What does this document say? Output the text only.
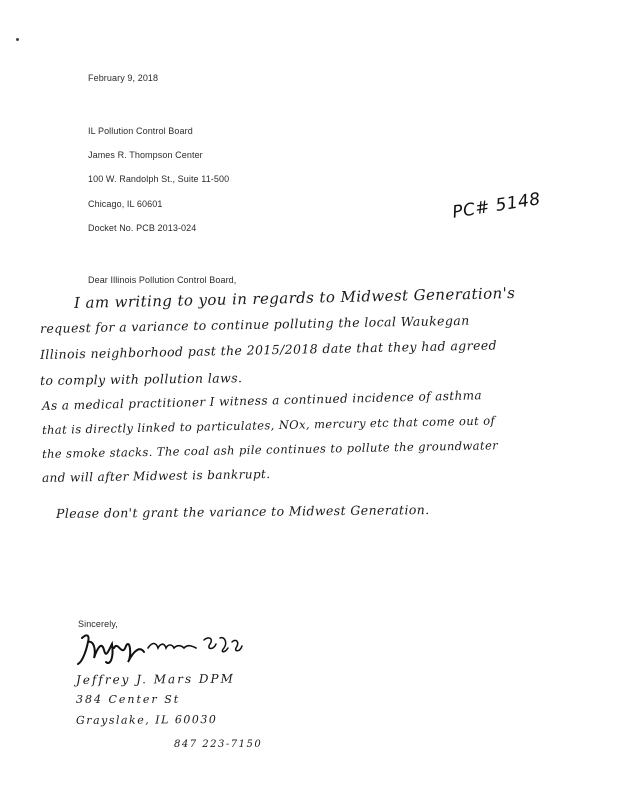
February 9, 2018
IL Pollution Control Board
James R. Thompson Center
100 W. Randolph St., Suite 11-500
Chicago, IL 60601
Docket No. PCB 2013-024
PC# 5148
Dear Illinois Pollution Control Board,
I am writing to you in regards to Midwest Generation's
request for a variance to continue polluting the local Waukegan
Illinois neighborhood past the 2015/2018 date that they had agreed
to comply with pollution laws.
As a medical practitioner I witness a continued incidence of asthma
that is directly linked to particulates, NOx, mercury etc that come out of
the smoke stacks. The coal ash pile continues to pollute the groundwater
and will after Midwest is bankrupt.
Please don't grant the variance to Midwest Generation.
Sincerely,
Jeffrey J. Mars DPM
384 Center St
Grayslake, IL 60030
847 223-7150
